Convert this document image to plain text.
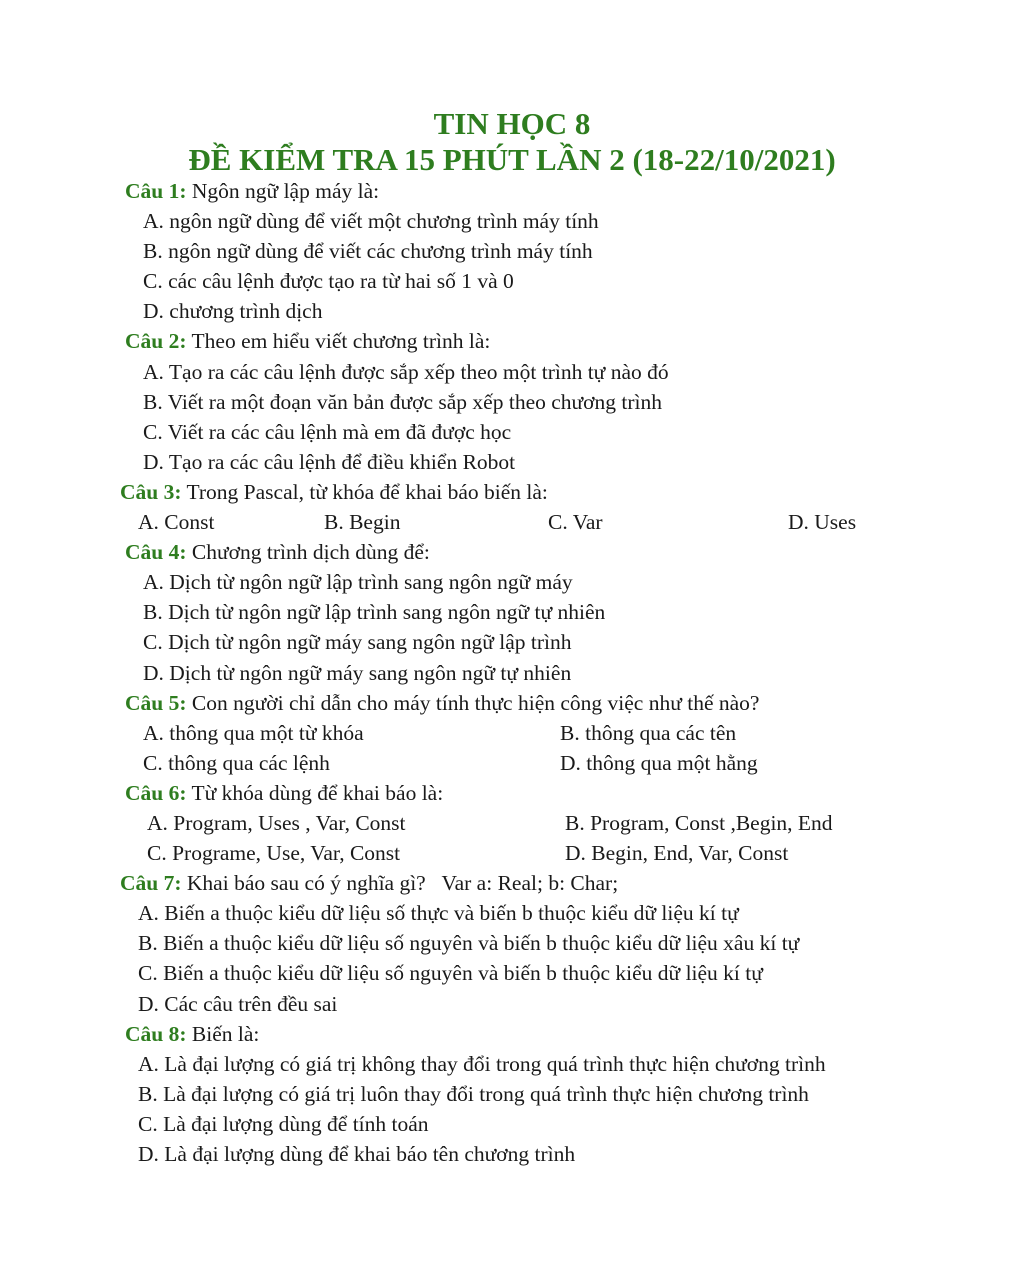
TIN HỌC 8
ĐỀ KIỂM TRA 15 PHÚT LẦN 2 (18-22/10/2021)
Câu 1: Ngôn ngữ lập máy là:
A. ngôn ngữ dùng để viết một chương trình máy tính
B. ngôn ngữ dùng để viết các chương trình máy tính
C. các câu lệnh được tạo ra từ hai số 1 và 0
D. chương trình dịch
Câu 2: Theo em hiểu viết chương trình là:
A. Tạo ra các câu lệnh được sắp xếp theo một trình tự nào đó
B. Viết ra một đoạn văn bản được sắp xếp theo chương trình
C. Viết ra các câu lệnh mà em đã được học
D. Tạo ra các câu lệnh để điều khiển Robot
Câu 3: Trong Pascal, từ khóa để khai báo biến là:
A. Const	B. Begin	C. Var	D. Uses
Câu 4: Chương trình dịch dùng để:
A. Dịch từ ngôn ngữ lập trình sang ngôn ngữ máy
B. Dịch từ ngôn ngữ lập trình sang ngôn ngữ tự nhiên
C. Dịch từ ngôn ngữ máy sang ngôn ngữ lập trình
D. Dịch từ ngôn ngữ máy sang ngôn ngữ tự nhiên
Câu 5: Con người chỉ dẫn cho máy tính thực hiện công việc như thế nào?
A. thông qua một từ khóa	B. thông qua các tên
C. thông qua các lệnh	D. thông qua một hằng
Câu 6: Từ khóa dùng để khai báo là:
A. Program, Uses , Var, Const	B. Program, Const ,Begin, End
C. Programe, Use, Var, Const	D. Begin, End, Var, Const
Câu 7: Khai báo sau có ý nghĩa gì?   Var a: Real; b: Char;
A. Biến a thuộc kiểu dữ liệu số thực và biến b thuộc kiểu dữ liệu kí tự
B. Biến a thuộc kiểu dữ liệu số nguyên và biến b thuộc kiểu dữ liệu xâu kí tự
C. Biến a thuộc kiểu dữ liệu số nguyên và biến b thuộc kiểu dữ liệu kí tự
D. Các câu trên đều sai
Câu 8: Biến là:
A. Là đại lượng có giá trị không thay đổi trong quá trình thực hiện chương trình
B. Là đại lượng có giá trị luôn thay đổi trong quá trình thực hiện chương trình
C. Là đại lượng dùng để tính toán
D. Là đại lượng dùng để khai báo tên chương trình
